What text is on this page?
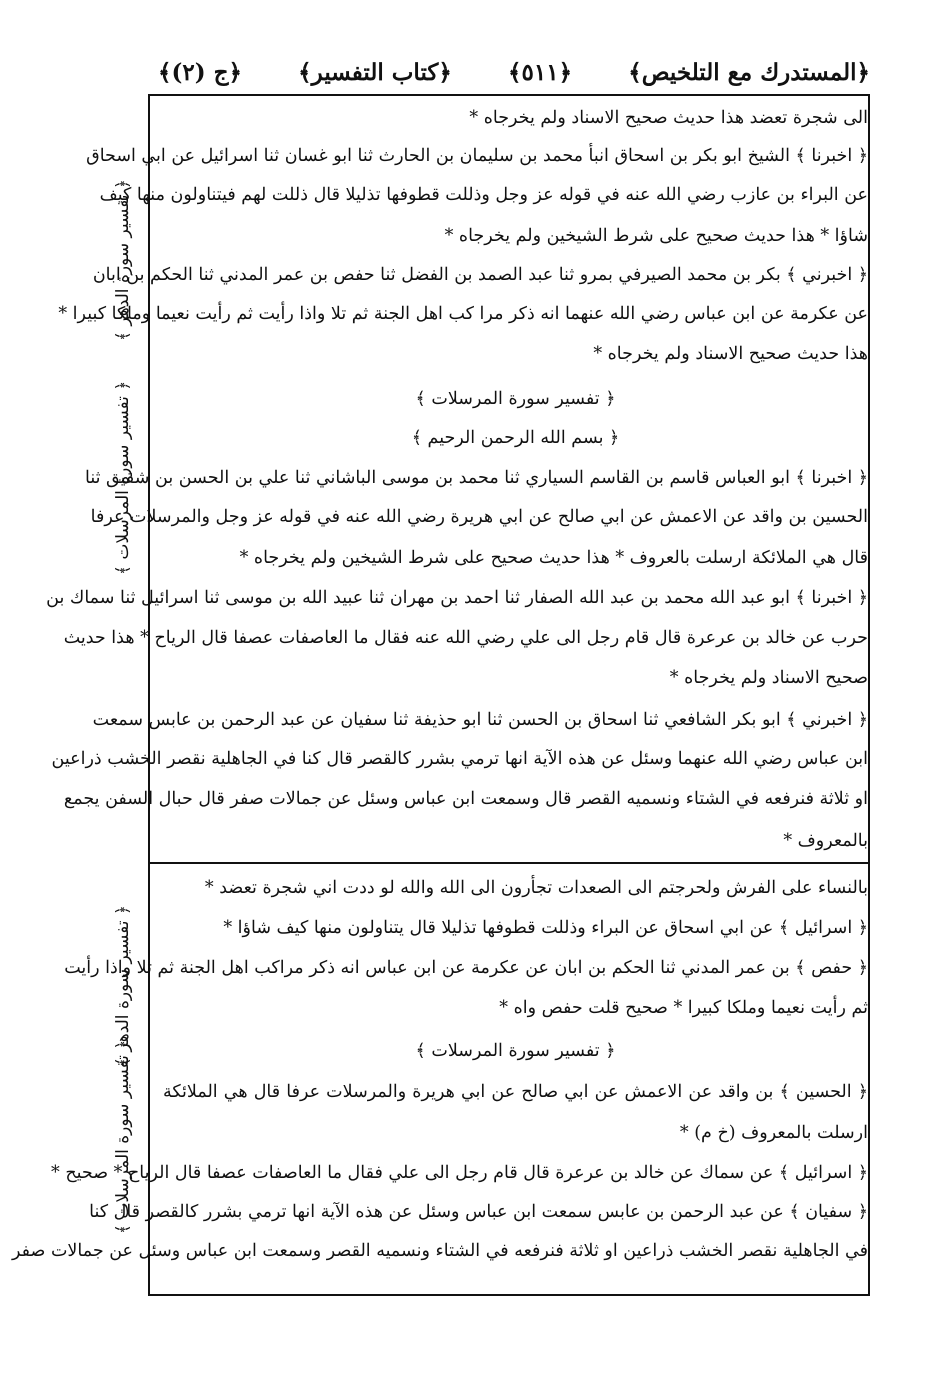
﴿المستدرك مع التلخيص﴾
﴿٥١١﴾
﴿كتاب التفسير﴾
﴿ج (٢)﴾
الى شجرة تعضد هذا حديث صحيح الاسناد ولم يخرجاه *
﴿ اخبرنا ﴾ الشيخ ابو بكر بن اسحاق انبأ محمد بن سليمان بن الحارث ثنا ابو غسان ثنا اسرائيل عن ابي اسحاق
عن البراء بن عازب رضي الله عنه في قوله عز وجل وذللت قطوفها تذليلا قال ذللت لهم فيتناولون منها كيف
شاؤا * هذا حديث صحيح على شرط الشيخين ولم يخرجاه *
﴿ اخبرني ﴾ بكر بن محمد الصيرفي بمرو ثنا عبد الصمد بن الفضل ثنا حفص بن عمر المدني ثنا الحكم بن ابان
عن عكرمة عن ابن عباس رضي الله عنهما انه ذكر مرا كب اهل الجنة ثم تلا واذا رأيت ثم رأيت نعيما وملكا كبيرا *
هذا حديث صحيح الاسناد ولم يخرجاه *
﴿ تفسير سورة المرسلات ﴾
﴿ بسم الله الرحمن الرحيم ﴾
﴿ اخبرنا ﴾ ابو العباس قاسم بن القاسم السياري ثنا محمد بن موسى الباشاني ثنا علي بن الحسن بن شقيق ثنا
الحسين بن واقد عن الاعمش عن ابي صالح عن ابي هريرة رضي الله عنه في قوله عز وجل والمرسلات عرفا
قال هي الملائكة ارسلت بالعروف * هذا حديث صحيح على شرط الشيخين ولم يخرجاه *
﴿ اخبرنا ﴾ ابو عبد الله محمد بن عبد الله الصفار ثنا احمد بن مهران ثنا عبيد الله بن موسى ثنا اسرائيل ثنا سماك بن
حرب عن خالد بن عرعرة قال قام رجل الى علي رضي الله عنه فقال ما العاصفات عصفا قال الرياح * هذا حديث
صحيح الاسناد ولم يخرجاه *
﴿ اخبرني ﴾ ابو بكر الشافعي ثنا اسحاق بن الحسن ثنا ابو حذيفة ثنا سفيان عن عبد الرحمن بن عابس سمعت
ابن عباس رضي الله عنهما وسئل عن هذه الآية انها ترمي بشرر كالقصر قال كنا في الجاهلية نقصر الخشب ذراعين
او ثلاثة فنرفعه في الشتاء ونسميه القصر قال وسمعت ابن عباس وسئل عن جمالات صفر قال حبال السفن يجمع
بالمعروف *
بالنساء على الفرش ولحرجتم الى الصعدات تجأرون الى الله والله لو ددت اني شجرة تعضد *
﴿ اسرائيل ﴾ عن ابي اسحاق عن البراء وذللت قطوفها تذليلا قال يتناولون منها كيف شاؤا *
﴿ حفص ﴾ بن عمر المدني ثنا الحكم بن ابان عن عكرمة عن ابن عباس انه ذكر مراكب اهل الجنة ثم تلا واذا رأيت
ثم رأيت نعيما وملكا كبيرا * صحيح قلت حفص واه *
﴿ تفسير سورة المرسلات ﴾
﴿ الحسين ﴾ بن واقد عن الاعمش عن ابي صالح عن ابي هريرة والمرسلات عرفا قال هي الملائكة
ارسلت بالمعروف (خ م) *
﴿ اسرائيل ﴾ عن سماك عن خالد بن عرعرة قال قام رجل الى علي فقال ما العاصفات عصفا قال الرياح * صحيح *
﴿ سفيان ﴾ عن عبد الرحمن بن عابس سمعت ابن عباس وسئل عن هذه الآية انها ترمي بشرر كالقصر قال كنا
في الجاهلية نقصر الخشب ذراعين او ثلاثة فنرفعه في الشتاء ونسميه القصر وسمعت ابن عباس وسئل عن جمالات صفر
﴿ تفسير سورة الدهر ﴾
﴿ تفسير سورة المرسلات ﴾
﴿ تفسير سورة الدهر ﴾
﴿ تفسير سورة المرسلات ﴾
